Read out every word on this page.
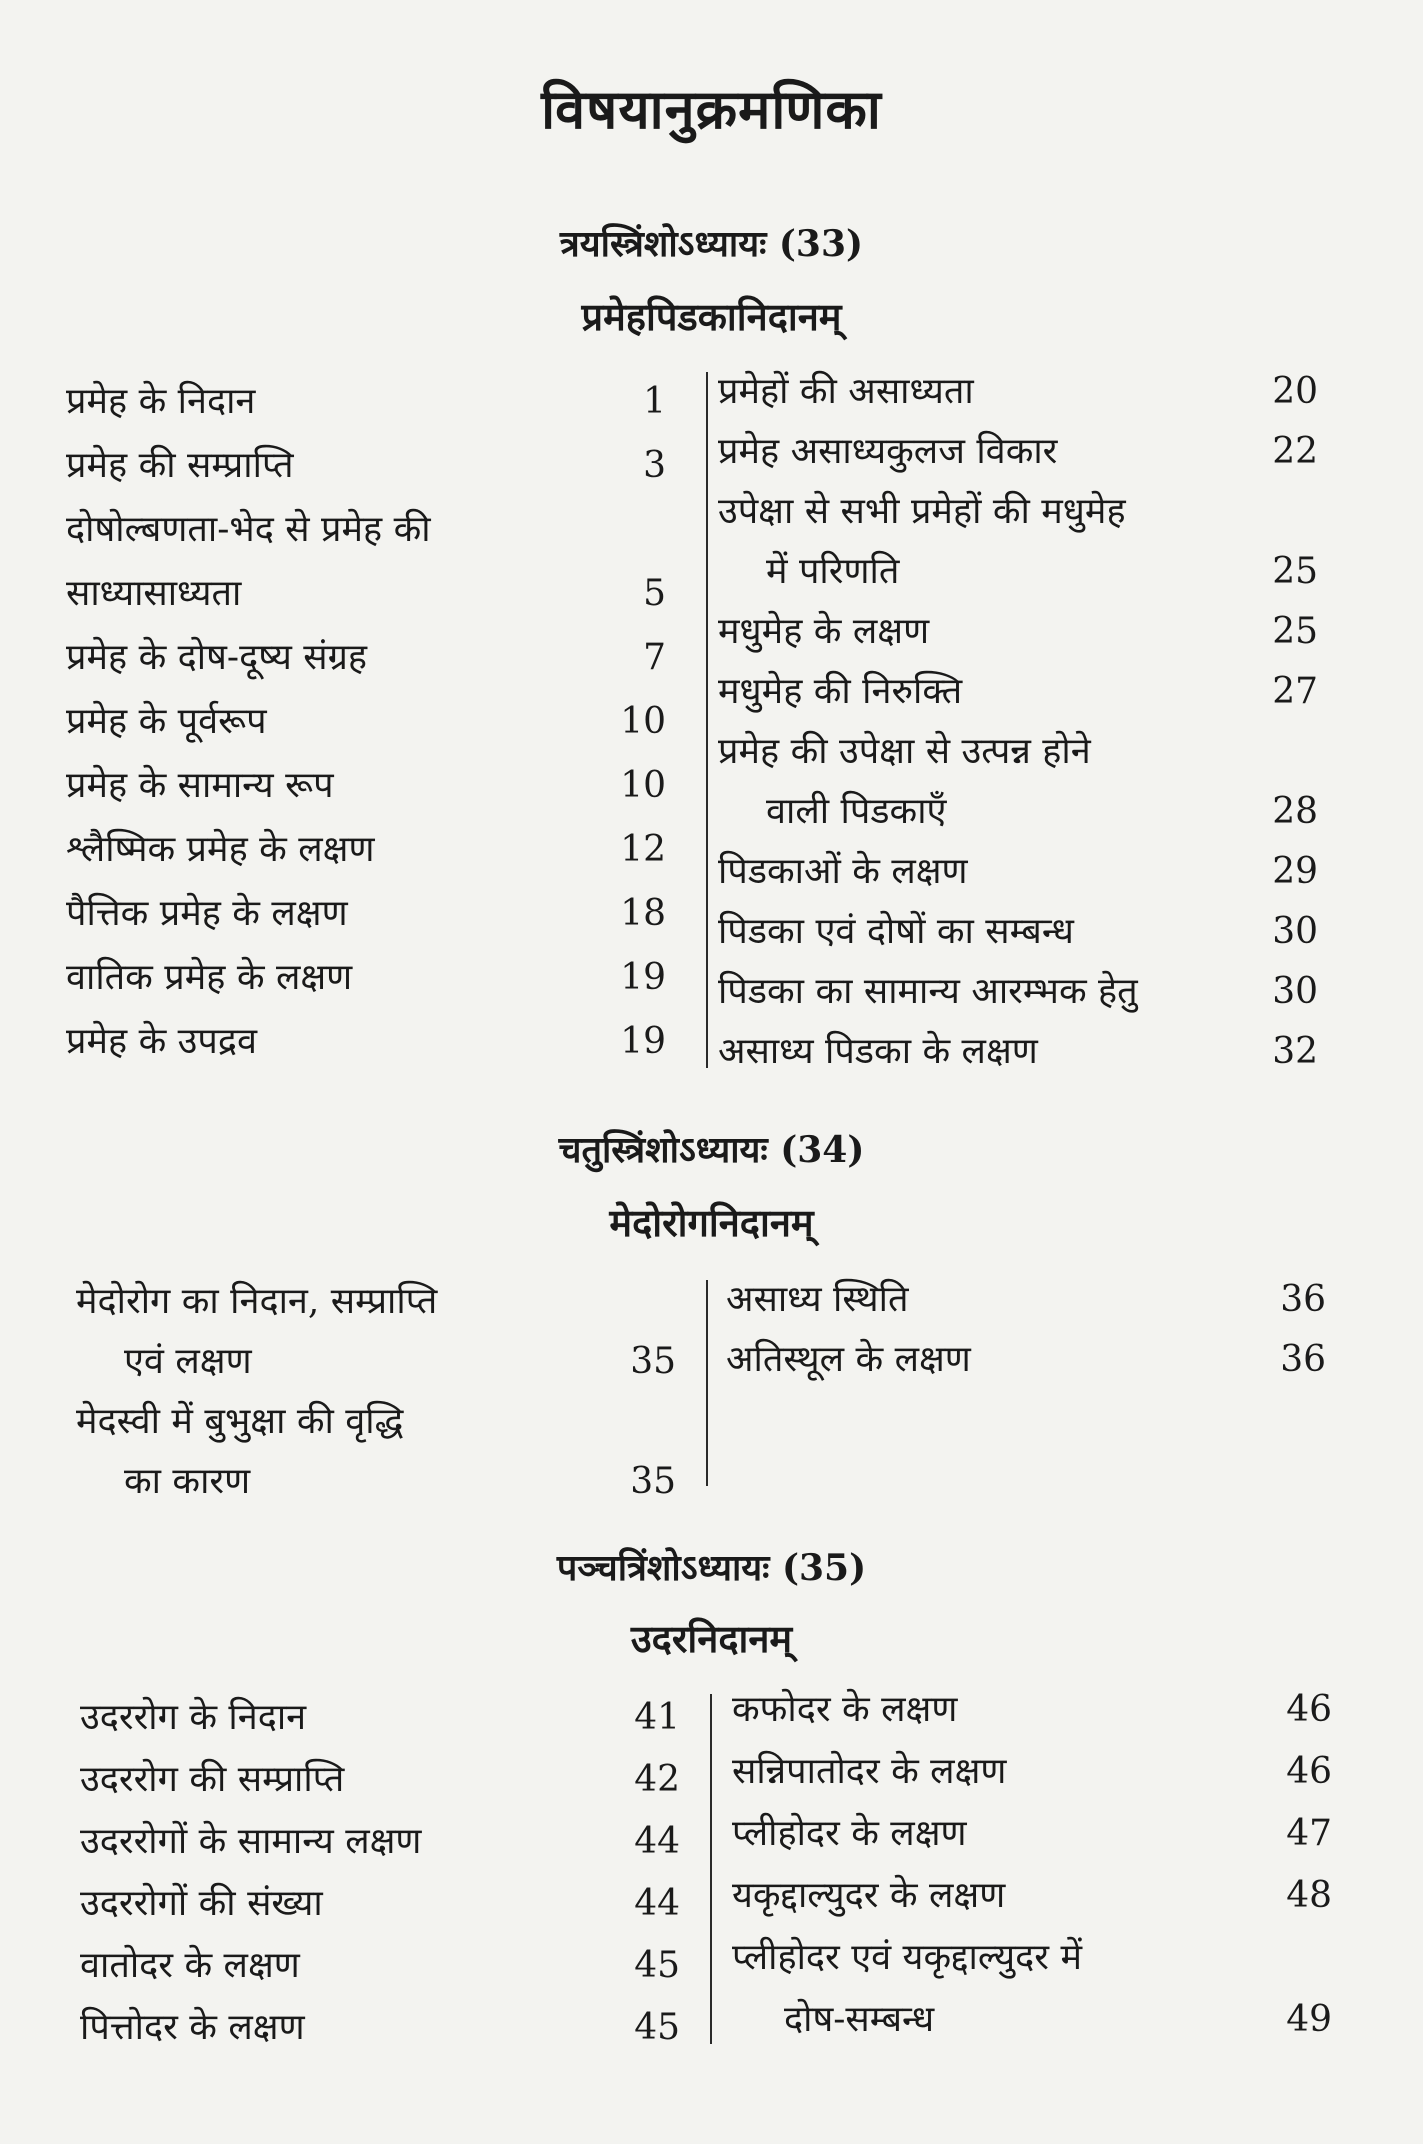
विषयानुक्रमणिका
त्रयस्त्रिंशोऽध्यायः (33)
प्रमेहपिडकानिदानम्
प्रमेह के निदान	1
प्रमेह की सम्प्राप्ति	3
दोषोल्बणता-भेद से प्रमेह की
साध्यासाध्यता	5
प्रमेह के दोष-दूष्य संग्रह	7
प्रमेह के पूर्वरूप	10
प्रमेह के सामान्य रूप	10
श्लैष्मिक प्रमेह के लक्षण	12
पैत्तिक प्रमेह के लक्षण	18
वातिक प्रमेह के लक्षण	19
प्रमेह के उपद्रव	19
प्रमेहों की असाध्यता	20
प्रमेह असाध्यकुलज विकार	22
उपेक्षा से सभी प्रमेहों की मधुमेह
में परिणति	25
मधुमेह के लक्षण	25
मधुमेह की निरुक्ति	27
प्रमेह की उपेक्षा से उत्पन्न होने
वाली पिडकाएँ	28
पिडकाओं के लक्षण	29
पिडका एवं दोषों का सम्बन्ध	30
पिडका का सामान्य आरम्भक हेतु	30
असाध्य पिडका के लक्षण	32
चतुस्त्रिंशोऽध्यायः (34)
मेदोरोगनिदानम्
मेदोरोग का निदान, सम्प्राप्ति
एवं लक्षण	35
मेदस्वी में बुभुक्षा की वृद्धि
का कारण	35
असाध्य स्थिति	36
अतिस्थूल के लक्षण	36
पञ्चत्रिंशोऽध्यायः (35)
उदरनिदानम्
उदररोग के निदान	41
उदररोग की सम्प्राप्ति	42
उदररोगों के सामान्य लक्षण	44
उदररोगों की संख्या	44
वातोदर के लक्षण	45
पित्तोदर के लक्षण	45
कफोदर के लक्षण	46
सन्निपातोदर के लक्षण	46
प्लीहोदर के लक्षण	47
यकृद्दाल्युदर के लक्षण	48
प्लीहोदर एवं यकृद्दाल्युदर में
दोष-सम्बन्ध	49
